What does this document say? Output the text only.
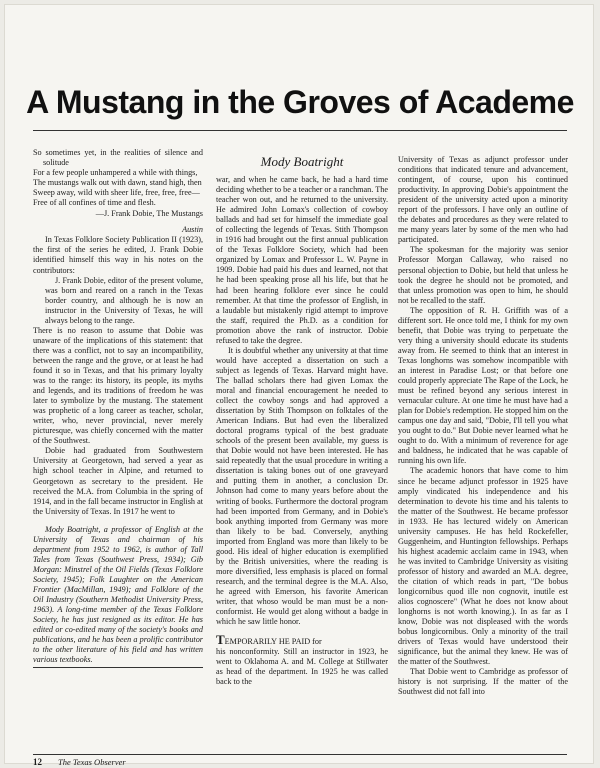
A Mustang in the Groves of Academe
So sometimes yet, in the realities of silence and solitude
For a few people unhampered a while with things,
The mustangs walk out with dawn, stand high, then
Sweep away, wild with sheer life, free, free, free—
Free of all confines of time and flesh.
—J. Frank Dobie, The Mustangs
Austin

In Texas Folklore Society Publication II (1923), the first of the series he edited, J. Frank Dobie identified himself this way in his notes on the contributors:

J. Frank Dobie, editor of the present volume, was born and reared on a ranch in the Texas border country, and although he is now an instructor in the University of Texas, he will always belong to the range.

There is no reason to assume that Dobie was unaware of the implications of this statement: that there was a conflict, not to say an incompatibility, between the range and the grove, or at least he had found it so in Texas, and that his primary loyalty was to the range: its history, its people, its myths and legends, and its traditions of freedom he was later to symbolize by the mustang. The statement was prophetic of a long career as teacher, scholar, writer, who, never provincial, never merely picturesque, was chiefly concerned with the matter of the Southwest.

Dobie had graduated from Southwestern University at Georgetown, had served a year as high school teacher in Alpine, and returned to Georgetown as secretary to the president. He received the M.A. from Columbia in the spring of 1914, and in the fall became instructor in English at the University of Texas. In 1917 he went to

Mody Boatright, a professor of English at the University of Texas and chairman of his department from 1952 to 1962, is author of Tall Tales from Texas (Southwest Press, 1934); Gib Morgan: Minstrel of the Oil Fields (Texas Folklore Society, 1945); Folk Laughter on the American Frontier (MacMillan, 1949); and Folklore of the Oil Industry (Southern Methodist University Press, 1963). A long-time member of the Texas Folklore Society, he has just resigned as its editor. He has edited or co-edited many of the society's books and publications, and he has been a prolific contributor to the other literature of his field and has written various textbooks.

Mody Boatright

war, and when he came back, he had a hard time deciding whether to be a teacher or a ranchman. The teacher won out, and he returned to the university. He admired John Lomax's collection of cowboy ballads and had set for himself the immediate goal of collecting the legends of Texas. Stith Thompson in 1916 had brought out the first annual publication of the Texas Folklore Society, which had been organized by Lomax and Professor L. W. Payne in 1909. Dobie had paid his dues and learned, not that he had been speaking prose all his life, but that he had been hearing folklore ever since he could remember. At that time the professor of English, in a laudable but mistakenly rigid attempt to improve the staff, required the Ph.D. as a condition for promotion above the rank of instructor. Dobie refused to take the degree.

It is doubtful whether any university at that time would have accepted a dissertation on such a subject as legends of Texas. Harvard might have. The ballad scholars there had given Lomax the moral and financial encouragement he needed to collect the cowboy songs and had approved a dissertation by Stith Thompson on folktales of the American Indians. But had even the liberalized doctoral programs typical of the best graduate schools of the present been available, my guess is that Dobie would not have been interested. He has said repeatedly that the usual procedure in writing a dissertation is taking bones out of one graveyard and putting them in another, a conclusion Dr. Johnson had come to many years before about the writing of books. Furthermore the doctoral program had been imported from Germany, and in Dobie's book anything imported from Germany was more than likely to be bad. Conversely, anything imported from England was more than likely to be good. His ideal of higher education is exemplified by the British universities, where the reading is more diversified, less emphasis is placed on formal research, and the terminal degree is the M.A. Also, he agreed with Emerson, his favorite American writer, that whoso would be man must be a non-conformist. He would get along without a badge in which he saw little honor.

TEMPORARILY HE PAID for

his nonconformity. Still an instructor in 1923, he went to Oklahoma A. and M. College at Stillwater as head of the department. In 1925 he was called back to the

University of Texas as adjunct professor under conditions that indicated tenure and advancement, contingent, of course, upon his continued productivity. In approving Dobie's appointment the president of the university acted upon a minority report of the professors. I have only an outline of the debates and procedures as they were related to me many years later by some of the men who had participated.

The spokesman for the majority was senior Professor Morgan Callaway, who raised no personal objection to Dobie, but held that unless he took the degree he should not be promoted, and that unless promotion was open to him, he should not be recalled to the staff.

The opposition of R. H. Griffith was of a different sort. He once told me, I think for my own benefit, that Dobie was trying to perpetuate the very thing a university should educate its students away from. He seemed to think that an interest in Texas longhorns was somehow incompatible with an interest in Paradise Lost; or that before one could properly appreciate The Rape of the Lock, he must be refined beyond any serious interest in vernacular culture. At one time he must have had a plan for Dobie's redemption. He stopped him on the campus one day and said, "Dobie, I'll tell you what you ought to do." But Dobie never learned what he ought to do. With a minimum of reverence for age and baldness, he indicated that he was capable of running his own life.

The academic honors that have come to him since he became adjunct professor in 1925 have amply vindicated his independence and his determination to devote his time and his talents to the matter of the Southwest. He became professor in 1933. He has lectured widely on American university campuses. He has held Rockefeller, Guggenheim, and Huntington fellowships. Perhaps his highest academic acclaim came in 1943, when he was invited to Cambridge University as visiting professor of history and awarded an M.A. degree, the citation of which reads in part, "De bobus longicornibus quod ille non cognovit, inutile est alios cognoscere" (What he does not know about longhorns is not worth knowing.). In as far as I know, Dobie was not displeased with the words bobus longicornibus. Only a minority of the trail drivers of Texas would have understood their significance, but the animal they knew. He was of the matter of the Southwest.

That Dobie went to Cambridge as professor of history is not surprising. If the matter of the Southwest did not fall into

12 The Texas Observer
